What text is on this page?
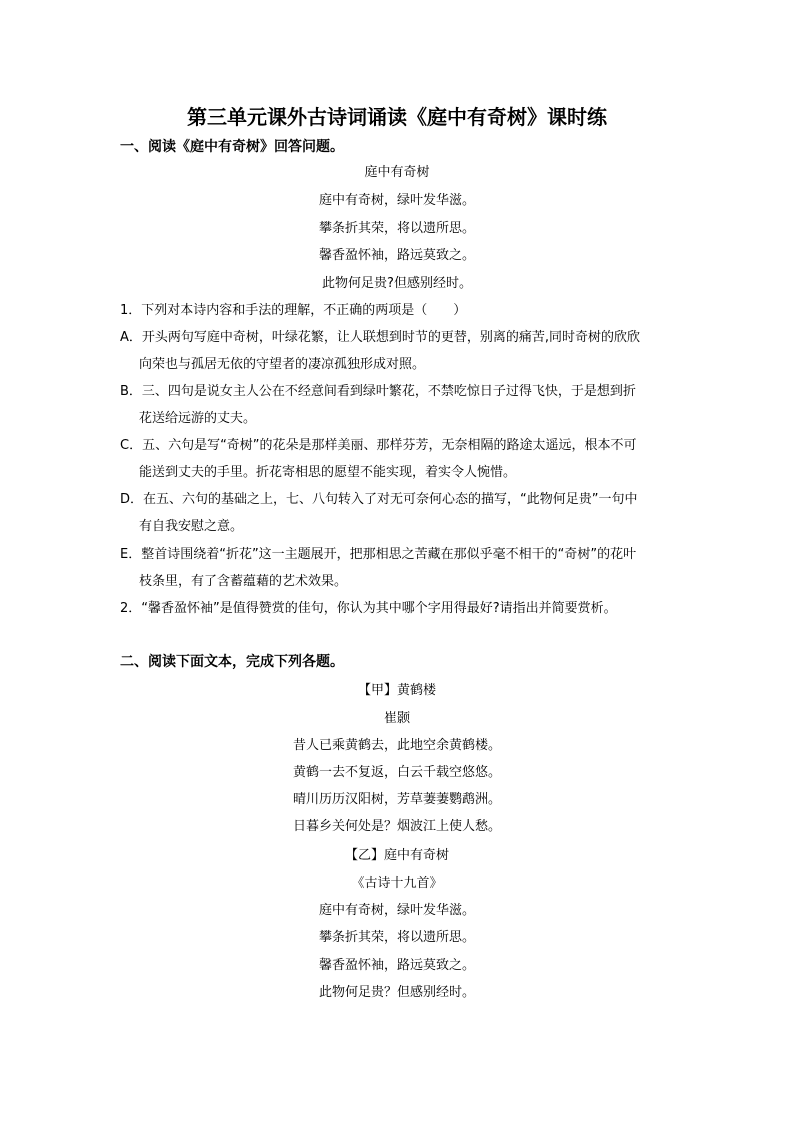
第三单元课外古诗词诵读《庭中有奇树》课时练
一、阅读《庭中有奇树》回答问题。
庭中有奇树
庭中有奇树，绿叶发华滋。
攀条折其荣，将以遗所思。
馨香盈怀袖，路远莫致之。
此物何足贵?但感别经时。
1．下列对本诗内容和手法的理解，不正确的两项是（　　）
A．开头两句写庭中奇树，叶绿花繁，让人联想到时节的更替，别离的痛苦,同时奇树的欣欣
向荣也与孤居无依的守望者的凄凉孤独形成对照。
B．三、四句是说女主人公在不经意间看到绿叶繁花，不禁吃惊日子过得飞快，于是想到折
花送给远游的丈夫。
C．五、六句是写“奇树”的花朵是那样美丽、那样芬芳，无奈相隔的路途太遥远，根本不可
能送到丈夫的手里。折花寄相思的愿望不能实现，着实令人惋惜。
D．在五、六句的基础之上，七、八句转入了对无可奈何心态的描写，“此物何足贵”一句中
有自我安慰之意。
E．整首诗围绕着“折花”这一主题展开，把那相思之苦藏在那似乎毫不相干的“奇树”的花叶
枝条里，有了含蓄蕴藉的艺术效果。
2．“馨香盈怀袖”是值得赞赏的佳句，你认为其中哪个字用得最好?请指出并简要赏析。
二、阅读下面文本，完成下列各题。
【甲】黄鹤楼
崔颢
昔人已乘黄鹤去，此地空余黄鹤楼。
黄鹤一去不复返，白云千载空悠悠。
晴川历历汉阳树，芳草萋萋鹦鹉洲。
日暮乡关何处是？烟波江上使人愁。
【乙】庭中有奇树
《古诗十九首》
庭中有奇树，绿叶发华滋。
攀条折其荣，将以遗所思。
馨香盈怀袖，路远莫致之。
此物何足贵？但感别经时。
